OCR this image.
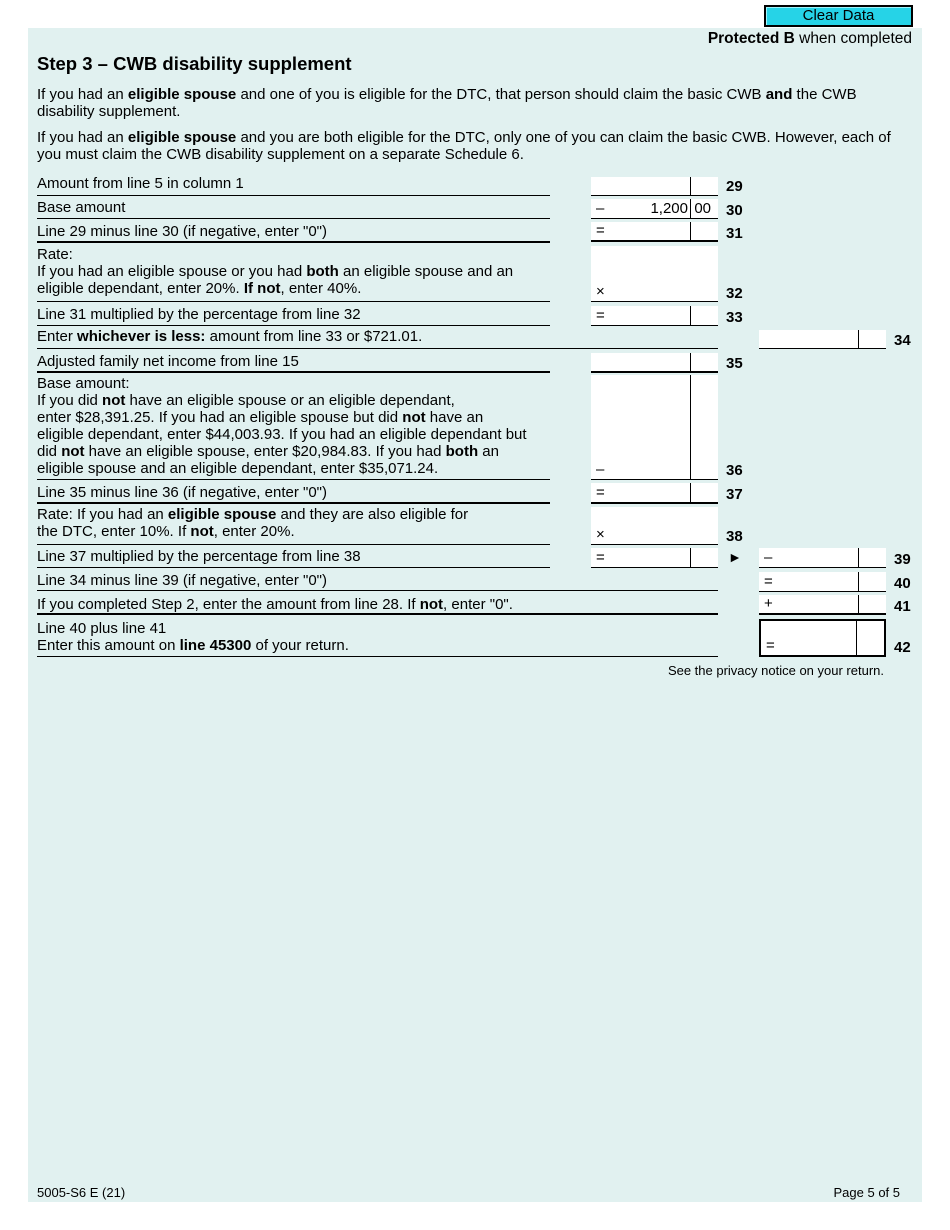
Clear Data
Protected B when completed
Step 3 – CWB disability supplement
If you had an eligible spouse and one of you is eligible for the DTC, that person should claim the basic CWB and the CWB disability supplement.
If you had an eligible spouse and you are both eligible for the DTC, only one of you can claim the basic CWB. However, each of you must claim the CWB disability supplement on a separate Schedule 6.
Amount from line 5 in column 1	29
Base amount	–	1,200 00 30
Line 29 minus line 30 (if negative, enter "0")	=	31
Rate:
If you had an eligible spouse or you had both an eligible spouse and an
eligible dependant, enter 20%. If not, enter 40%.	×	32
Line 31 multiplied by the percentage from line 32	=	33
Enter whichever is less: amount from line 33 or $721.01.	34
Adjusted family net income from line 15	35
Base amount:
If you did not have an eligible spouse or an eligible dependant,
enter $28,391.25. If you had an eligible spouse but did not have an
eligible dependant, enter $44,003.93. If you had an eligible dependant but
did not have an eligible spouse, enter $20,984.83. If you had both an
eligible spouse and an eligible dependant, enter $35,071.24.	–	36
Line 35 minus line 36 (if negative, enter "0")	=	37
Rate: If you had an eligible spouse and they are also eligible for
the DTC, enter 10%. If not, enter 20%.	×	38
Line 37 multiplied by the percentage from line 38	=	► –	39
Line 34 minus line 39 (if negative, enter "0")	=	40
If you completed Step 2, enter the amount from line 28. If not, enter "0".	+	41
Line 40 plus line 41
Enter this amount on line 45300 of your return.	=	42
See the privacy notice on your return.
5005-S6 E (21)	Page 5 of 5
